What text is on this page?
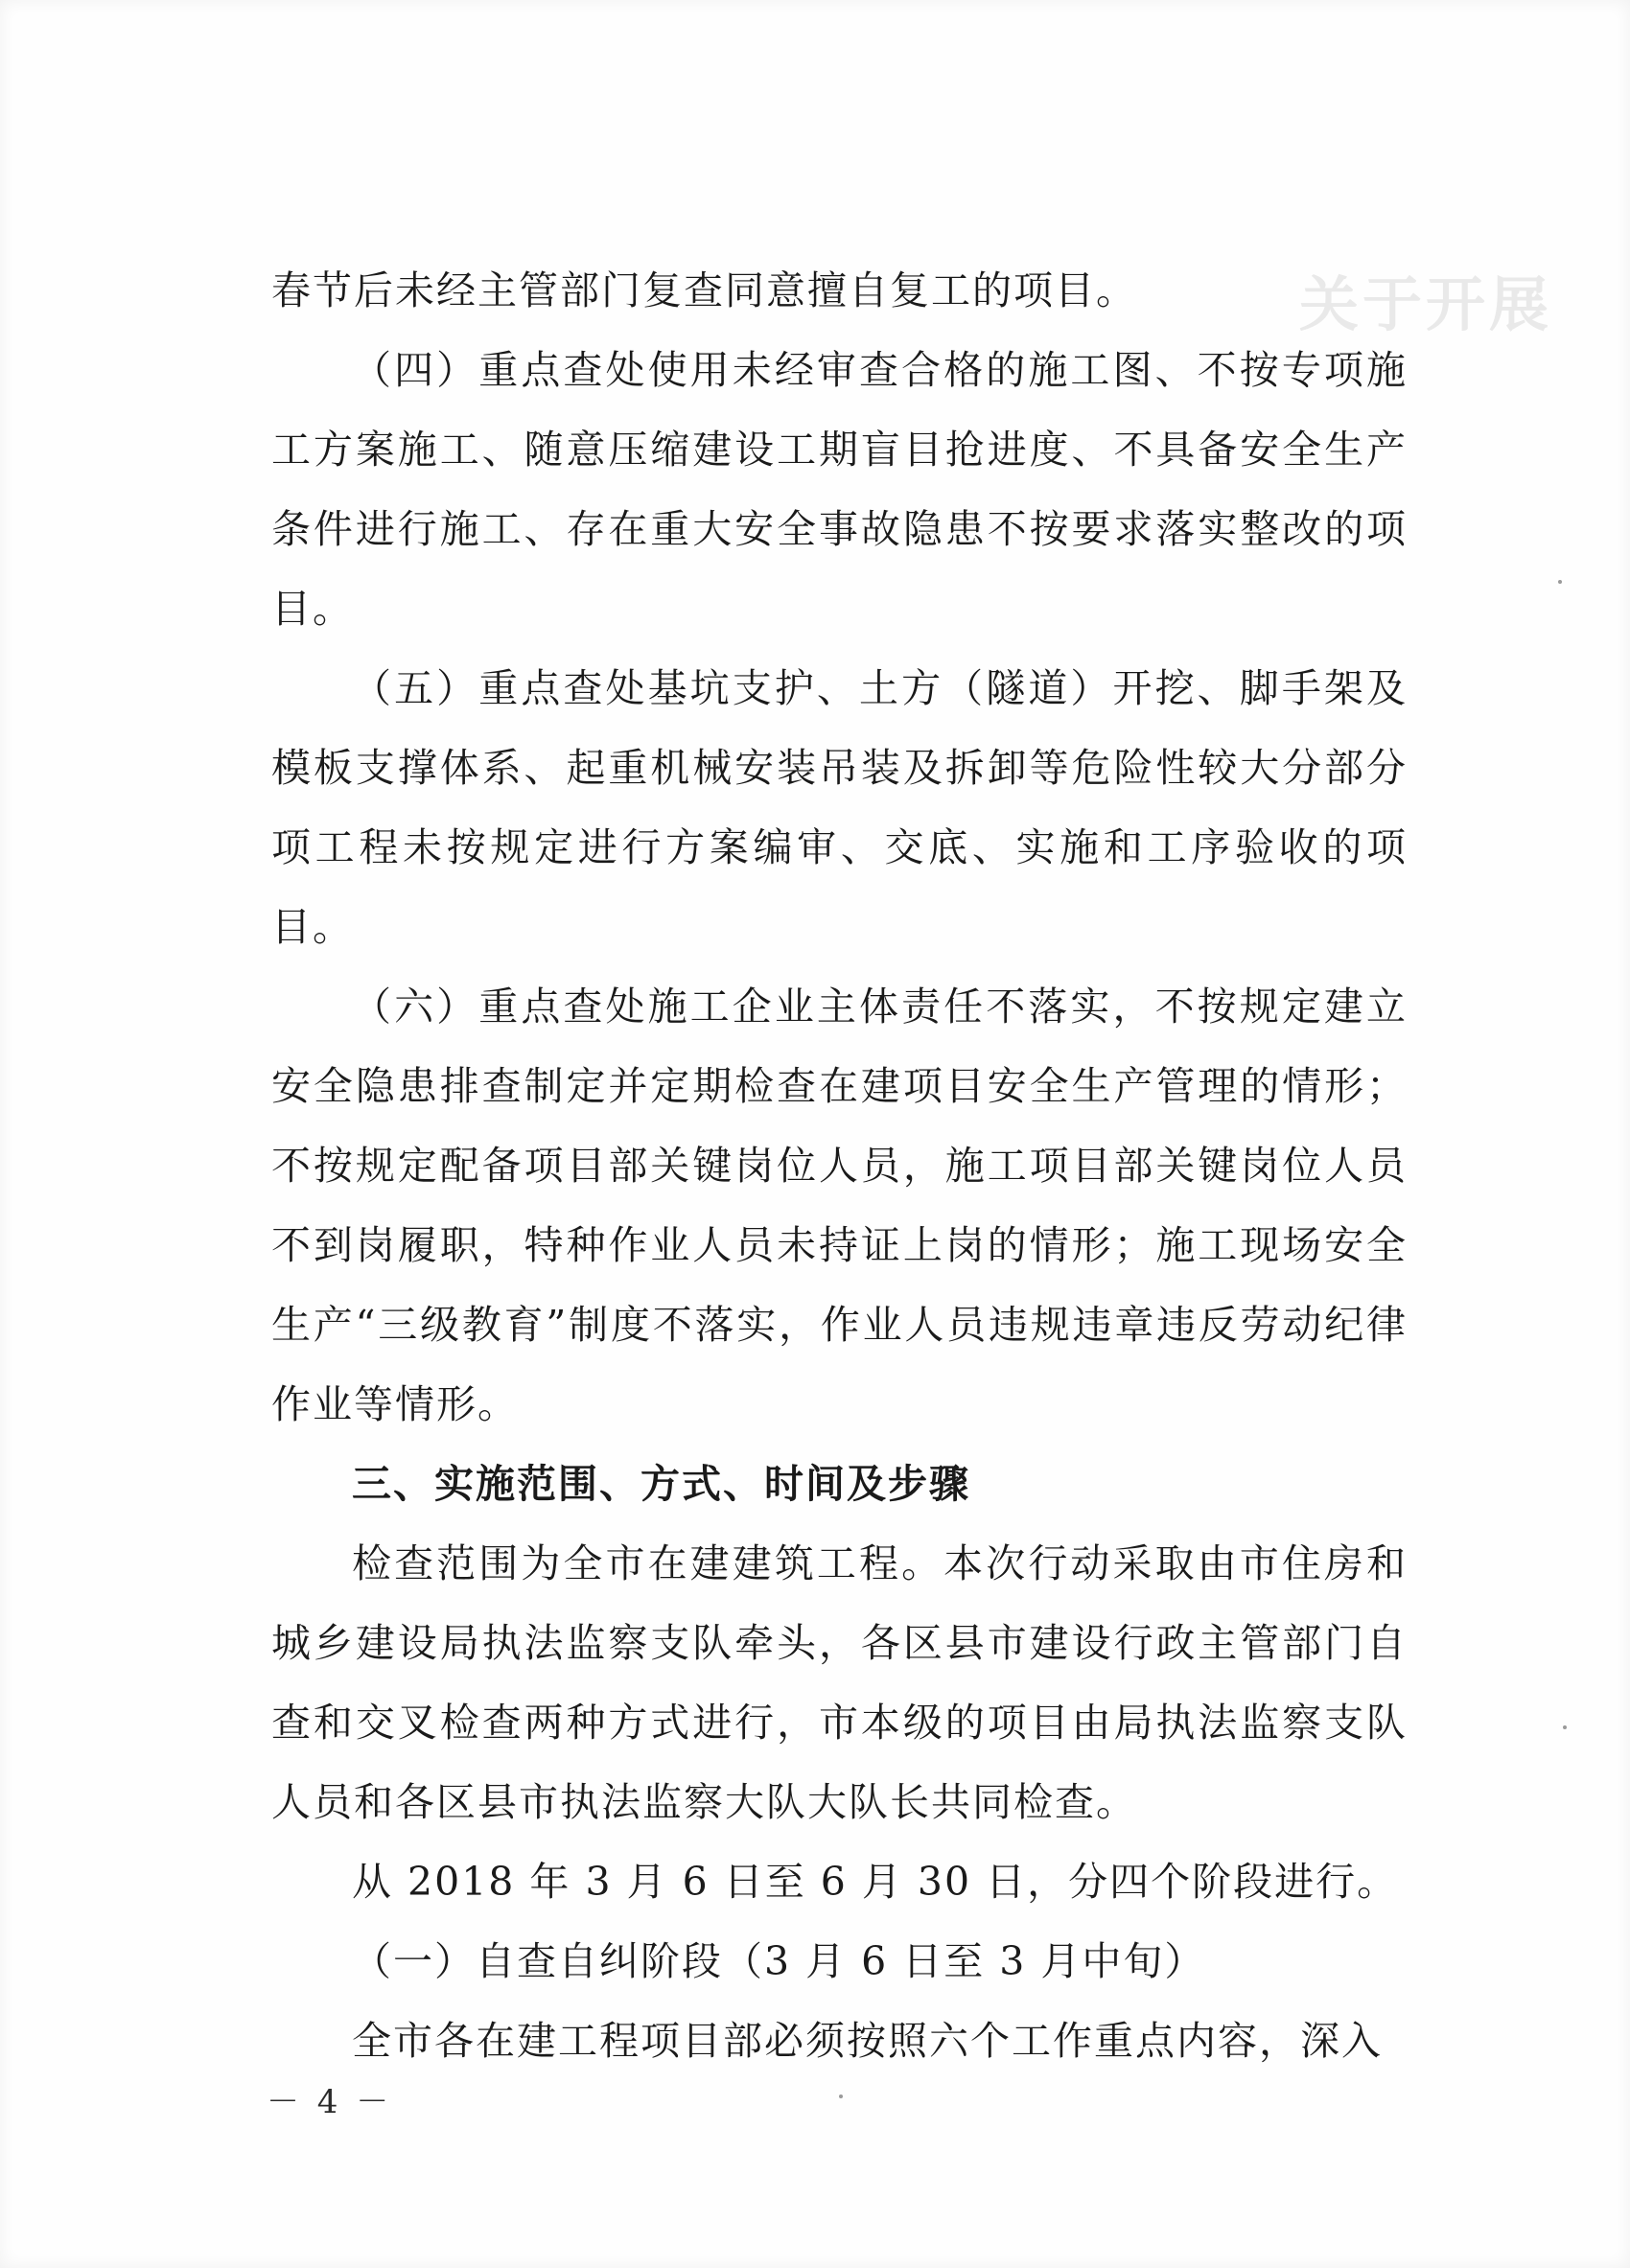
关于开展

春节后未经主管部门复查同意擅自复工的项目。

（四）重点查处使用未经审查合格的施工图、不按专项施工方案施工、随意压缩建设工期盲目抢进度、不具备安全生产条件进行施工、存在重大安全事故隐患不按要求落实整改的项目。

（五）重点查处基坑支护、土方（隧道）开挖、脚手架及模板支撑体系、起重机械安装吊装及拆卸等危险性较大分部分项工程未按规定进行方案编审、交底、实施和工序验收的项目。

（六）重点查处施工企业主体责任不落实，不按规定建立安全隐患排查制定并定期检查在建项目安全生产管理的情形；不按规定配备项目部关键岗位人员，施工项目部关键岗位人员不到岗履职，特种作业人员未持证上岗的情形；施工现场安全生产“三级教育”制度不落实，作业人员违规违章违反劳动纪律作业等情形。

三、实施范围、方式、时间及步骤

检查范围为全市在建建筑工程。本次行动采取由市住房和城乡建设局执法监察支队牵头，各区县市建设行政主管部门自查和交叉检查两种方式进行，市本级的项目由局执法监察支队人员和各区县市执法监察大队大队长共同检查。

从 2018 年 3 月 6 日至 6 月 30 日，分四个阶段进行。

（一）自查自纠阶段（3 月 6 日至 3 月中旬）

全市各在建工程项目部必须按照六个工作重点内容，深入

－ 4 －
